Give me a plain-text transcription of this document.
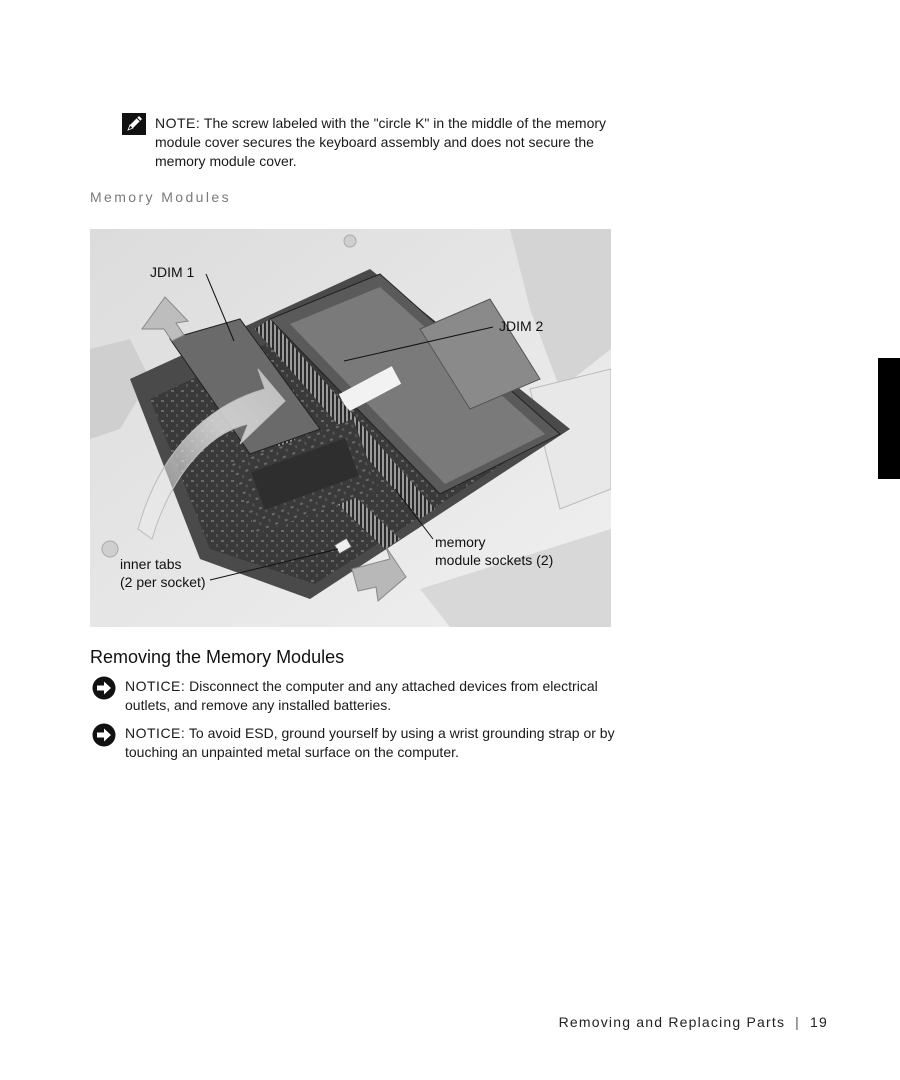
NOTE: The screw labeled with the "circle K" in the middle of the memory module cover secures the keyboard assembly and does not secure the memory module cover.
Memory Modules
JDIM 1
JDIM 2
memory
module sockets (2)
inner tabs
(2 per socket)
Removing the Memory Modules
NOTICE: Disconnect the computer and any attached devices from electrical outlets, and remove any installed batteries.
NOTICE: To avoid ESD, ground yourself by using a wrist grounding strap or by touching an unpainted metal surface on the computer.
Removing and Replacing Parts | 19
